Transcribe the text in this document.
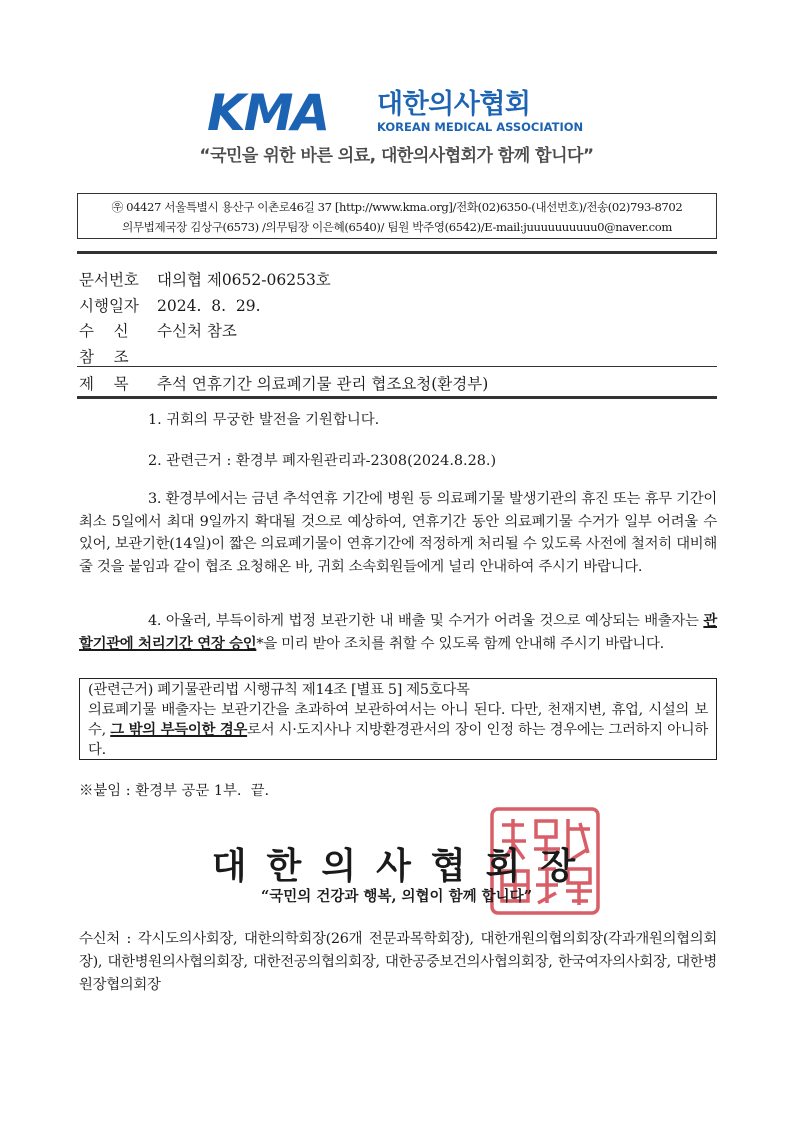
KMA 대한의사협회
KOREAN MEDICAL ASSOCIATION
“국민을 위한 바른 의료, 대한의사협회가 함께 합니다”
㉾ 04427 서울특별시 용산구 이촌로46길 37 [http://www.kma.org]/전화(02)6350-(내선번호)/전송(02)793-8702
의무법제국장 김상구(6573) /의무팀장 이은혜(6540)/ 팀원 박주영(6542)/E-mail:juuuuuuuuuu0@naver.com
문서번호 대의협 제0652-06253호
시행일자 2024.  8.  29.
수    신 수신처 참조
참    조
제    목 추석 연휴기간 의료폐기물 관리 협조요청(환경부)
1. 귀회의 무궁한 발전을 기원합니다.
2. 관련근거 : 환경부 폐자원관리과-2308(2024.8.28.)
3. 환경부에서는 금년 추석연휴 기간에 병원 등 의료폐기물 발생기관의 휴진 또는 휴무 기간이 최소 5일에서 최대 9일까지 확대될 것으로 예상하여, 연휴기간 동안 의료폐기물 수거가 일부 어려울 수 있어, 보관기한(14일)이 짧은 의료폐기물이 연휴기간에 적정하게 처리될 수 있도록 사전에 철저히 대비해줄 것을 붙임과 같이 협조 요청해온 바, 귀회 소속회원들에게 널리 안내하여 주시기 바랍니다.
4. 아울러, 부득이하게 법정 보관기한 내 배출 및 수거가 어려울 것으로 예상되는 배출자는 관할기관에 처리기간 연장 승인*을 미리 받아 조치를 취할 수 있도록 함께 안내해 주시기 바랍니다.
(관련근거) 폐기물관리법 시행규칙 제14조 [별표 5] 제5호다목
의료폐기물 배출자는 보관기간을 초과하여 보관하여서는 아니 된다. 다만, 천재지변, 휴업, 시설의 보수, 그 밖의 부득이한 경우로서 시·도지사나 지방환경관서의 장이 인정 하는 경우에는 그러하지 아니하다.
※붙임 : 환경부 공문 1부.  끝.
대한의사협회장
“국민의 건강과 행복, 의협이 함께 합니다”
수신처 : 각시도의사회장, 대한의학회장(26개 전문과목학회장), 대한개원의협의회장(각과개원의협의회장), 대한병원의사협의회장, 대한전공의협의회장, 대한공중보건의사협의회장, 한국여자의사회장, 대한병원장협의회장
